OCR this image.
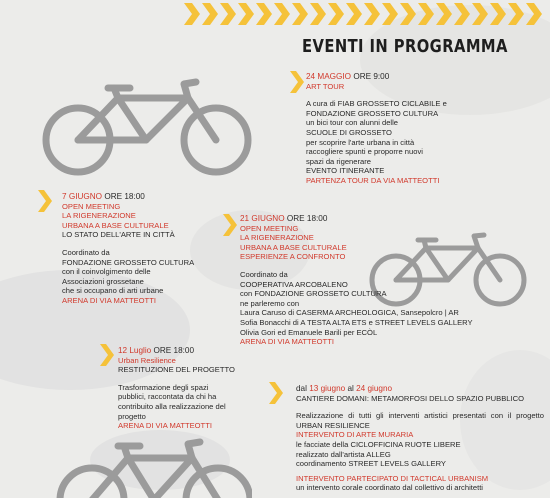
EVENTI IN PROGRAMMA
24 MAGGIO ORE 9:00
ART TOUR
A cura di FIAB GROSSETO CICLABILE e
FONDAZIONE GROSSETO CULTURA
un bici tour con alunni delle
SCUOLE DI GROSSETO
per scoprire l'arte urbana in città
raccogliere spunti e proporre nuovi
spazi da rigenerare
EVENTO ITINERANTE
PARTENZA TOUR DA VIA MATTEOTTI
7 GIUGNO ORE 18:00
OPEN MEETING
LA RIGENERAZIONE
URBANA A BASE CULTURALE
LO STATO DELL'ARTE IN CITTÀ
Coordinato da
FONDAZIONE GROSSETO CULTURA
con il coinvolgimento delle
Associazioni grossetane
che si occupano di arti urbane
ARENA DI VIA MATTEOTTI
21 GIUGNO ORE 18:00
OPEN MEETING
LA RIGENERAZIONE
URBANA A BASE CULTURALE
ESPERIENZE A CONFRONTO
Coordinato da
COOPERATIVA ARCOBALENO
con FONDAZIONE GROSSETO CULTURA
ne parleremo con
Laura Caruso di CASERMA ARCHEOLOGICA, Sansepolcro | AR
Sofia Bonacchi di A TESTA ALTA ETS e STREET LEVELS GALLERY
Olivia Gori ed Emanuele Barili per ECÒL
ARENA DI VIA MATTEOTTI
12 Luglio ORE 18:00
Urban Resilience
RESTITUZIONE DEL PROGETTO
Trasformazione degli spazi
pubblici, raccontata da chi ha
contribuito alla realizzazione del
progetto
ARENA DI VIA MATTEOTTI
dal 13 giugno al 24 giugno
CANTIERE DOMANI: METAMORFOSI DELLO SPAZIO PUBBLICO
Realizzazione di tutti gli interventi artistici presentati con il progetto URBAN RESILIENCE
INTERVENTO DI ARTE MURARIA
le facciate della CICLOFFICINA RUOTE LIBERE
realizzato dall'artista ALLEG
coordinamento STREET LEVELS GALLERY
INTERVENTO PARTECIPATO DI TACTICAL URBANISM
un intervento corale coordinato dal collettivo di architetti
